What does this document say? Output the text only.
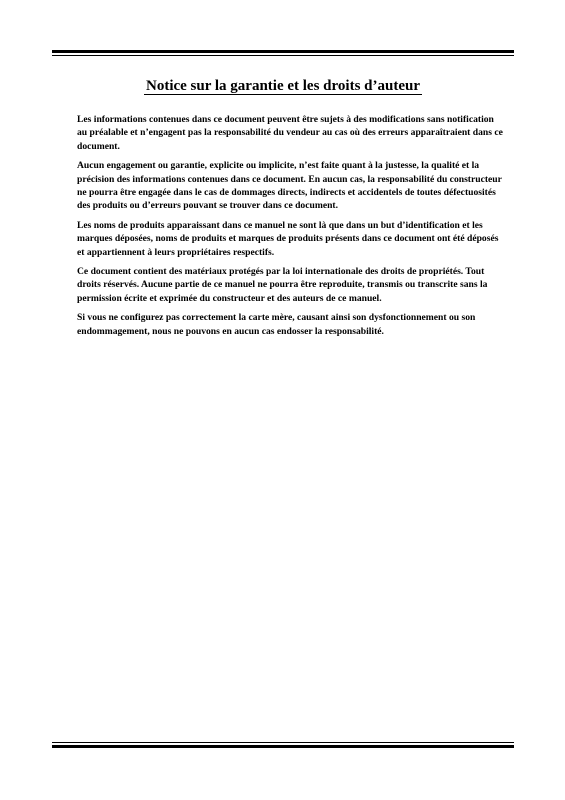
Notice sur la garantie et les droits d’auteur

Les informations contenues dans ce document peuvent être sujets à des modifications sans notification au préalable et n’engagent pas la responsabilité du vendeur au cas où des erreurs apparaîtraient dans ce document.

Aucun engagement ou garantie, explicite ou implicite, n’est faite quant à la justesse, la qualité et la précision des informations contenues dans ce document. En aucun cas, la responsabilité du constructeur ne pourra être engagée dans le cas de dommages directs, indirects et accidentels de toutes défectuosités des produits ou d’erreurs pouvant se trouver dans ce document.

Les noms de produits apparaissant dans ce manuel ne sont là que dans un but d’identification et les marques déposées, noms de produits et marques de produits présents dans ce document ont été déposés et appartiennent à leurs propriétaires respectifs.

Ce document contient des matériaux protégés par la loi internationale des droits de propriétés. Tout droits réservés. Aucune partie de ce manuel ne pourra être reproduite, transmis ou transcrite sans la permission écrite et exprimée du constructeur et des auteurs de ce manuel.

Si vous ne configurez pas correctement la carte mère, causant ainsi son dysfonctionnement ou son endommagement, nous ne pouvons en aucun cas endosser la responsabilité.
